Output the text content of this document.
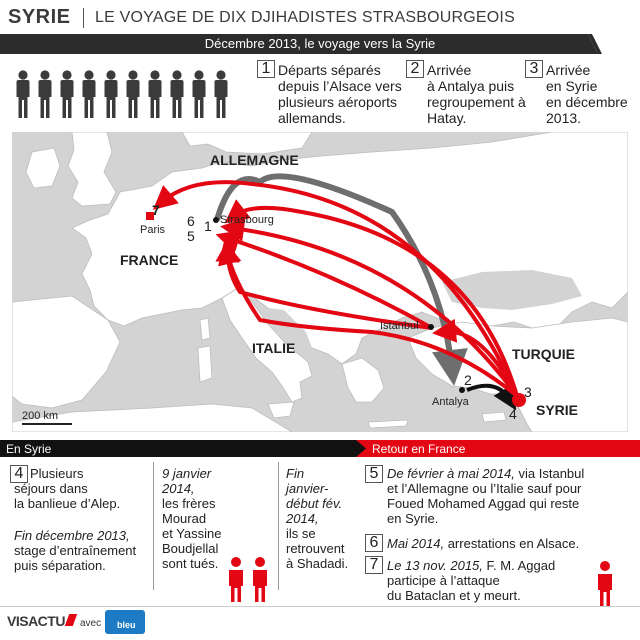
SYRIE LE VOYAGE DE DIX DJIHADISTES STRASBOURGEOIS
Décembre 2013, le voyage vers la Syrie
1 Départs séparés
depuis l’Alsace vers
plusieurs aéroports
allemands.
2 Arrivée
à Antalya puis
regroupement à
Hatay.
3 Arrivée
en Syrie
en décembre
2013.
ALLEMAGNE
FRANCE
ITALIE	TURQUIE
SYRIE
Paris
Strasbourg
Istanbul
Antalya
200 km
7
6
5
1
2
3
4
En Syrie	Retour en France
4 Plusieurs
séjours dans
la banlieue d’Alep.
Fin décembre 2013,
stage d’entraînement
puis séparation.
9 janvier
2014,
les frères
Mourad
et Yassine
Boudjellal
sont tués.
Fin
janvier-
début fév.
2014,
ils se
retrouvent
à Shadadi.
5 De février à mai 2014, via Istanbul
et l’Allemagne ou l’Italie sauf pour
Foued Mohamed Aggad qui reste
en Syrie.
6 Mai 2014, arrestations en Alsace.
7 Le 13 nov. 2015, F. M. Aggad
participe à l’attaque
du Bataclan et y meurt.
VISACTU avec bleu
